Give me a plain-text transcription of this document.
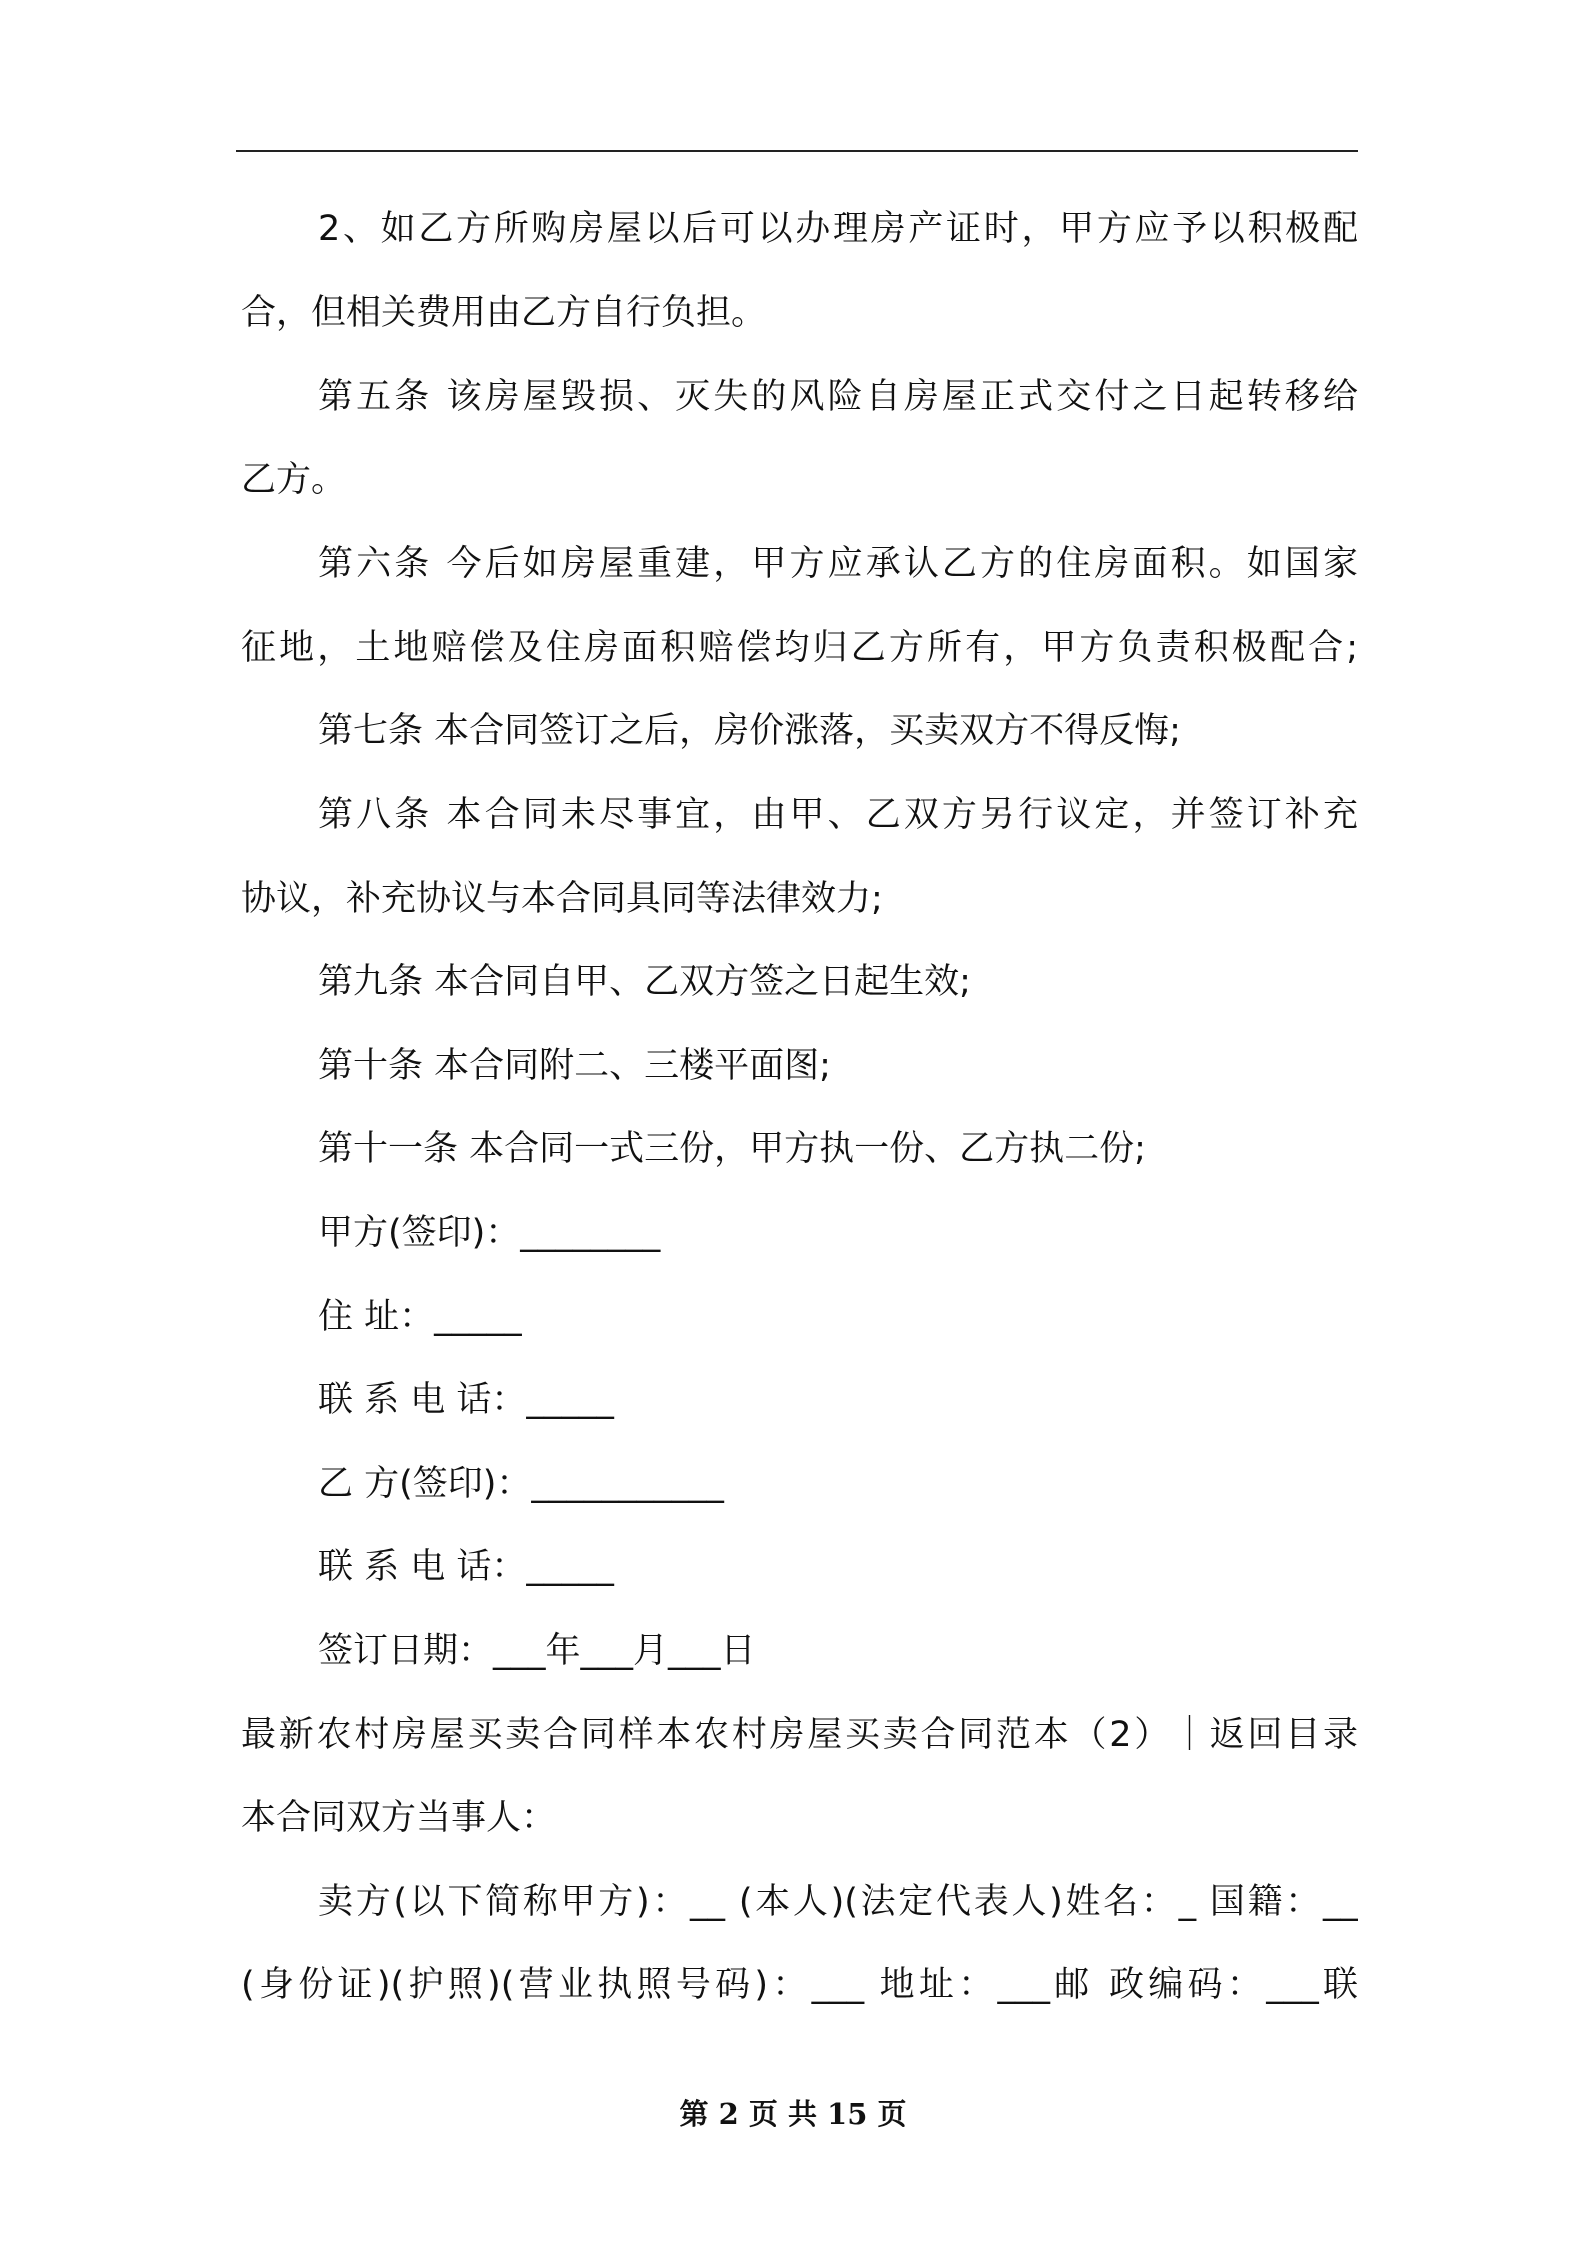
2、如乙方所购房屋以后可以办理房产证时，甲方应予以积极配
合，但相关费用由乙方自行负担。
第五条 该房屋毁损、灭失的风险自房屋正式交付之日起转移给
乙方。
第六条 今后如房屋重建，甲方应承认乙方的住房面积。如国家
征地，土地赔偿及住房面积赔偿均归乙方所有，甲方负责积极配合;
第七条 本合同签订之后，房价涨落，买卖双方不得反悔;
第八条 本合同未尽事宜，由甲、乙双方另行议定，并签订补充
协议，补充协议与本合同具同等法律效力;
第九条 本合同自甲、乙双方签之日起生效;
第十条 本合同附二、三楼平面图;
第十一条 本合同一式三份，甲方执一份、乙方执二份;
甲方(签印)：________
住 址：_____
联 系 电 话：_____
乙 方(签印)：___________
联 系 电 话：_____
签订日期：___年___月___日
最新农村房屋买卖合同样本农村房屋买卖合同范本（2）｜返回目录
本合同双方当事人：
卖方(以下简称甲方)：__ (本人)(法定代表人)姓名：_ 国籍：__
(身份证)(护照)(营业执照号码)：___ 地址：___邮 政编码：___联
第 2 页 共 15 页
